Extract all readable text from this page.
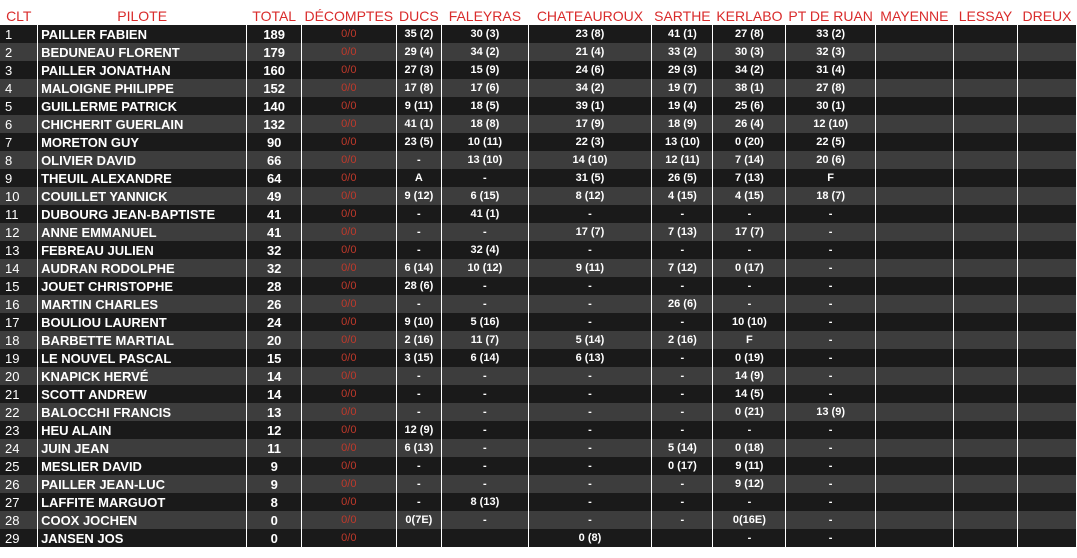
CLT	PILOTE	TOTAL	DÉCOMPTES	DUCS	FALEYRAS	CHATEAUROUX	SARTHE	KERLABO	PT DE RUAN	MAYENNE	LESSAY	DREUX
1	PAILLER FABIEN	189	0/0	35 (2)	30 (3)	23 (8)	41 (1)	27 (8)	33 (2)			
2	BEDUNEAU FLORENT	179	0/0	29 (4)	34 (2)	21 (4)	33 (2)	30 (3)	32 (3)			
3	PAILLER JONATHAN	160	0/0	27 (3)	15 (9)	24 (6)	29 (3)	34 (2)	31 (4)			
4	MALOIGNE PHILIPPE	152	0/0	17 (8)	17 (6)	34 (2)	19 (7)	38 (1)	27 (8)			
5	GUILLERME PATRICK	140	0/0	9 (11)	18 (5)	39 (1)	19 (4)	25 (6)	30 (1)			
6	CHICHERIT GUERLAIN	132	0/0	41 (1)	18 (8)	17 (9)	18 (9)	26 (4)	12 (10)			
7	MORETON GUY	90	0/0	23 (5)	10 (11)	22 (3)	13 (10)	0 (20)	22 (5)			
8	OLIVIER DAVID	66	0/0	-	13 (10)	14 (10)	12 (11)	7 (14)	20 (6)			
9	THEUIL ALEXANDRE	64	0/0	A	-	31 (5)	26 (5)	7 (13)	F			
10	COUILLET YANNICK	49	0/0	9 (12)	6 (15)	8 (12)	4 (15)	4 (15)	18 (7)			
11	DUBOURG JEAN-BAPTISTE	41	0/0	-	41 (1)	-	-	-	-			
12	ANNE EMMANUEL	41	0/0	-	-	17 (7)	7 (13)	17 (7)	-			
13	FEBREAU JULIEN	32	0/0	-	32 (4)	-	-	-	-			
14	AUDRAN RODOLPHE	32	0/0	6 (14)	10 (12)	9 (11)	7 (12)	0 (17)	-			
15	JOUET CHRISTOPHE	28	0/0	28 (6)	-	-	-	-	-			
16	MARTIN CHARLES	26	0/0	-	-	-	26 (6)	-	-			
17	BOULIOU LAURENT	24	0/0	9 (10)	5 (16)	-	-	10 (10)	-			
18	BARBETTE MARTIAL	20	0/0	2 (16)	11 (7)	5 (14)	2 (16)	F	-			
19	LE NOUVEL PASCAL	15	0/0	3 (15)	6 (14)	6 (13)	-	0 (19)	-			
20	KNAPICK HERVÉ	14	0/0	-	-	-	-	14 (9)	-			
21	SCOTT ANDREW	14	0/0	-	-	-	-	14 (5)	-			
22	BALOCCHI FRANCIS	13	0/0	-	-	-	-	0 (21)	13 (9)			
23	HEU ALAIN	12	0/0	12 (9)	-	-	-	-	-			
24	JUIN JEAN	11	0/0	6 (13)	-	-	5 (14)	0 (18)	-			
25	MESLIER DAVID	9	0/0	-	-	-	0 (17)	9 (11)	-			
26	PAILLER JEAN-LUC	9	0/0	-	-	-	-	9 (12)	-			
27	LAFFITE MARGUOT	8	0/0	-	8 (13)	-	-	-	-			
28	COOX JOCHEN	0	0/0	0(7E)	-	-	-	0(16E)	-			
29	JANSEN JOS	0	0/0			0 (8)		-	-			
